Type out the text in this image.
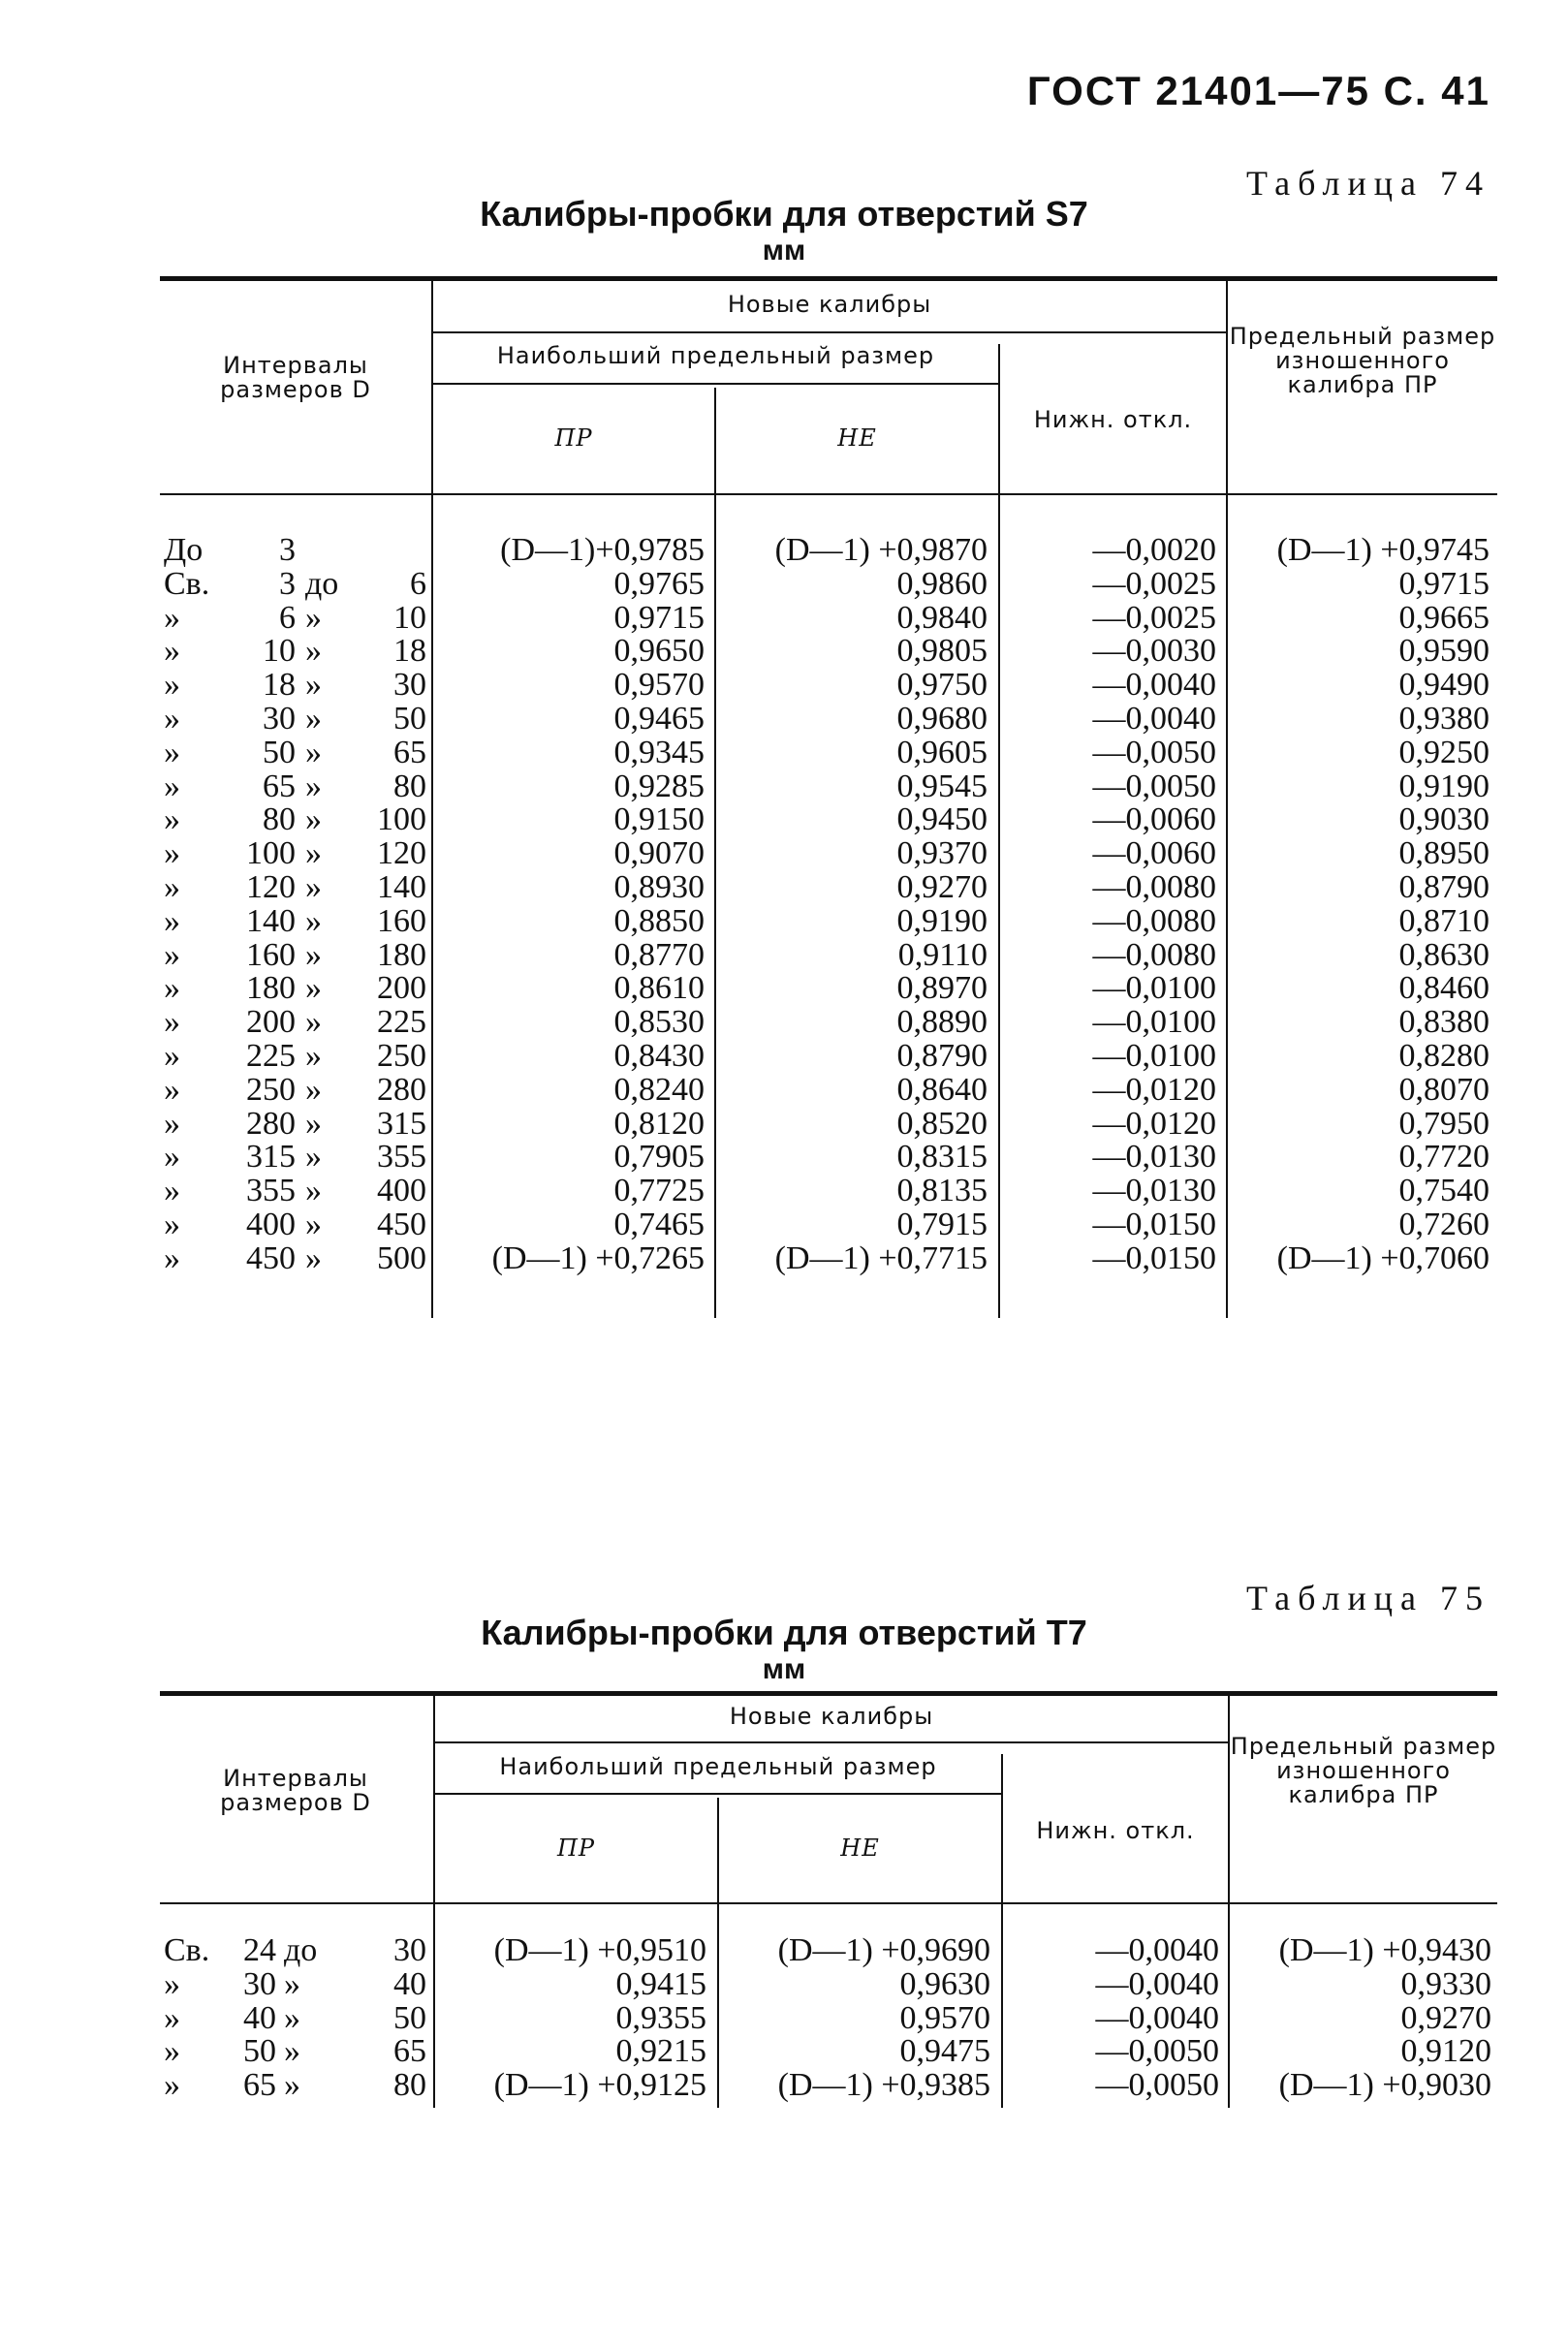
ГОСТ 21401—75 С. 41
Таблица 74
Калибры-пробки для отверстий S7
мм
Интервалы размеров D
Новые калибры
Наибольший предельный размер
ПР	НЕ
Нижн. откл.
Предельный размер изношенного калибра ПР
До	3	(D—1)+0,9785	(D—1) +0,9870	—0,0020	(D—1) +0,9745
Св.	3 до	6	0,9765	0,9860	—0,0025	0,9715
»	6 »	10	0,9715	0,9840	—0,0025	0,9665
»	10 »	18	0,9650	0,9805	—0,0030	0,9590
»	18 »	30	0,9570	0,9750	—0,0040	0,9490
»	30 »	50	0,9465	0,9680	—0,0040	0,9380
»	50 »	65	0,9345	0,9605	—0,0050	0,9250
»	65 »	80	0,9285	0,9545	—0,0050	0,9190
»	80 »	100	0,9150	0,9450	—0,0060	0,9030
» 100 »	120	0,9070	0,9370	—0,0060	0,8950
» 120 »	140	0,8930	0,9270	—0,0080	0,8790
» 140 »	160	0,8850	0,9190	—0,0080	0,8710
» 160 »	180	0,8770	0,9110	—0,0080	0,8630
» 180 »	200	0,8610	0,8970	—0,0100	0,8460
» 200 »	225	0,8530	0,8890	—0,0100	0,8380
» 225 »	250	0,8430	0,8790	—0,0100	0,8280
» 250 »	280	0,8240	0,8640	—0,0120	0,8070
» 280 »	315	0,8120	0,8520	—0,0120	0,7950
» 315 »	355	0,7905	0,8315	—0,0130	0,7720
» 355 »	400	0,7725	0,8135	—0,0130	0,7540
» 400 »	450	0,7465	0,7915	—0,0150	0,7260
» 450 »	500	(D—1) +0,7265	(D—1) +0,7715	—0,0150	(D—1) +0,7060
Таблица 75
Калибры-пробки для отверстий T7
мм
Интервалы размеров D
Новые калибры
Наибольший предельный размер
ПР	НЕ
Нижн. откл.
Предельный размер изношенного калибра ПР
Св.	24 до	30	(D—1) +0,9510	(D—1) +0,9690	—0,0040	(D—1) +0,9430
»	30 »	40	0,9415	0,9630	—0,0040	0,9330
»	40 »	50	0,9355	0,9570	—0,0040	0,9270
»	50 »	65	0,9215	0,9475	—0,0050	0,9120
»	65 »	80	(D—1) +0,9125	(D—1) +0,9385	—0,0050	(D—1) +0,9030
